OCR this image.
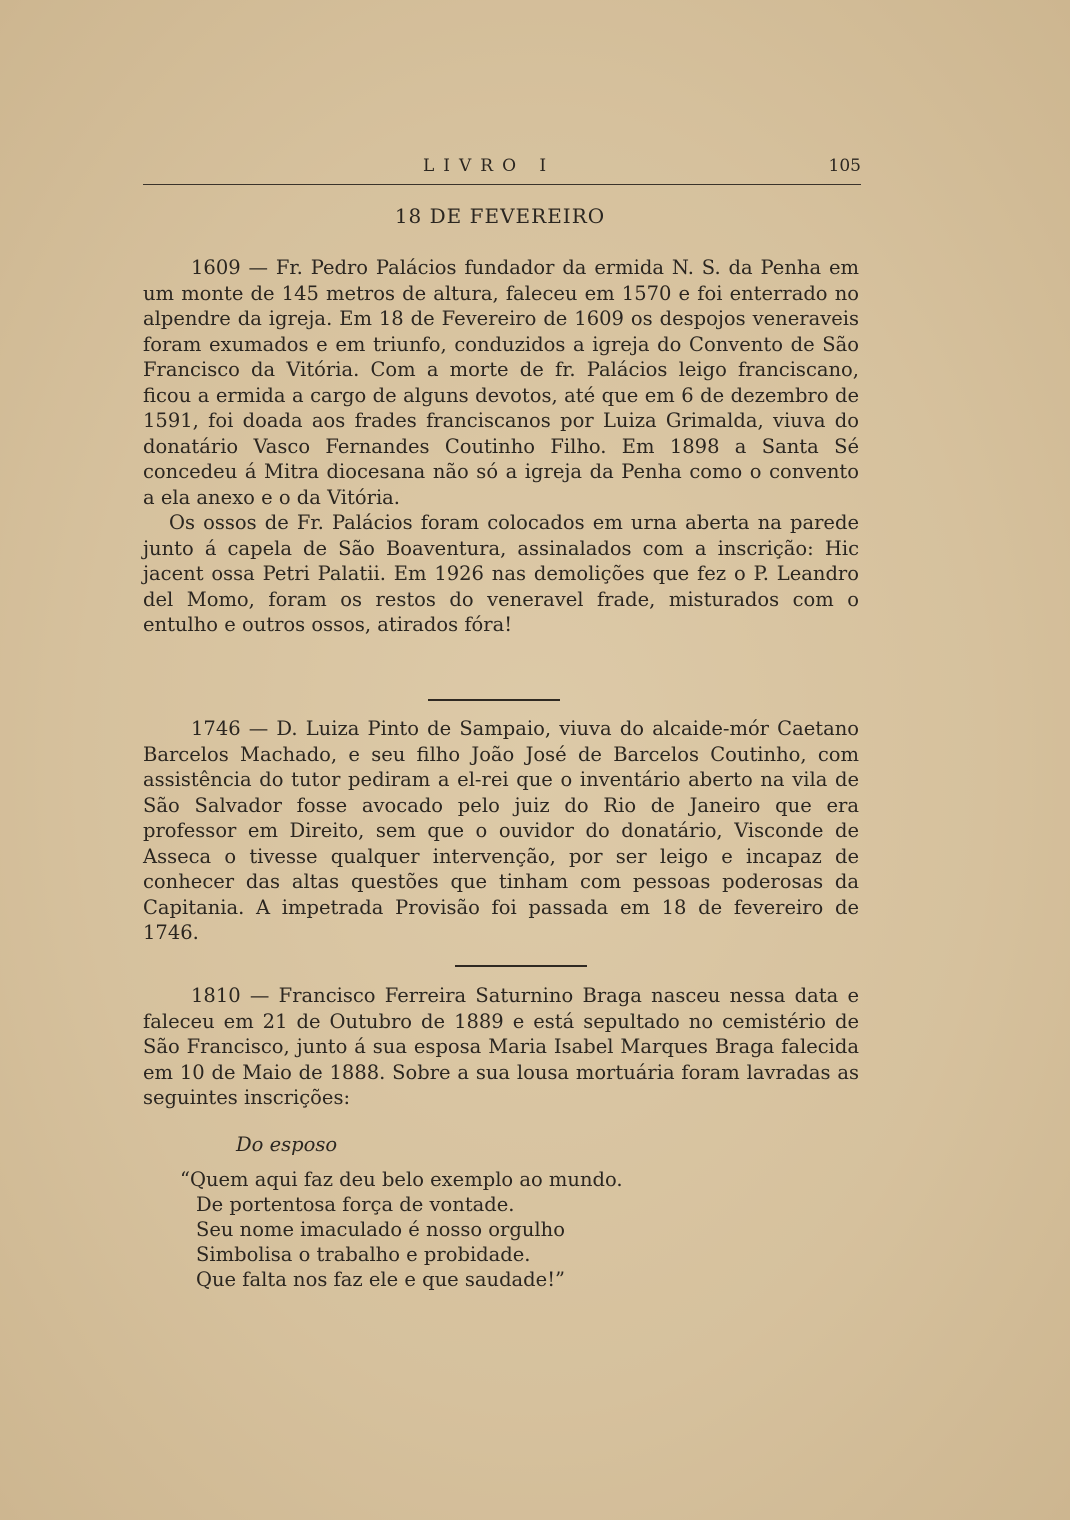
LIVRO I	105
18 DE FEVEREIRO

1609 — Fr. Pedro Palácios fundador da ermida N. S. da Penha em um monte de 145 metros de altura, faleceu em 1570 e foi enterrado no alpendre da igreja. Em 18 de Fevereiro de 1609 os despojos veneraveis foram exumados e em triunfo, conduzidos a igreja do Convento de São Francisco da Vitória. Com a morte de fr. Palácios leigo franciscano, ficou a ermida a cargo de alguns devotos, até que em 6 de dezembro de 1591, foi doada aos frades franciscanos por Luiza Grimalda, viuva do donatário Vasco Fernandes Coutinho Filho. Em 1898 a Santa Sé concedeu á Mitra diocesana não só a igreja da Penha como o convento a ela anexo e o da Vitória.

Os ossos de Fr. Palácios foram colocados em urna aberta na parede junto á capela de São Boaventura, assinalados com a inscrição: Hic jacent ossa Petri Palatii. Em 1926 nas demolições que fez o P. Leandro del Momo, foram os restos do veneravel frade, misturados com o entulho e outros ossos, atirados fóra!

1746 — D. Luiza Pinto de Sampaio, viuva do alcaide-mór Caetano Barcelos Machado, e seu filho João José de Barcelos Coutinho, com assistência do tutor pediram a el-rei que o inventário aberto na vila de São Salvador fosse avocado pelo juiz do Rio de Janeiro que era professor em Direito, sem que o ouvidor do donatário, Visconde de Asseca o tivesse qualquer intervenção, por ser leigo e incapaz de conhecer das altas questões que tinham com pessoas poderosas da Capitania. A impetrada Provisão foi passada em 18 de fevereiro de 1746.

1810 — Francisco Ferreira Saturnino Braga nasceu nessa data e faleceu em 21 de Outubro de 1889 e está sepultado no cemistério de São Francisco, junto á sua esposa Maria Isabel Marques Braga falecida em 10 de Maio de 1888. Sobre a sua lousa mortuária foram lavradas as seguintes inscrições:

Do esposo
“Quem aqui faz deu belo exemplo ao mundo.
De portentosa força de vontade.
Seu nome imaculado é nosso orgulho
Simbolisa o trabalho e probidade.
Que falta nos faz ele e que saudade!”
